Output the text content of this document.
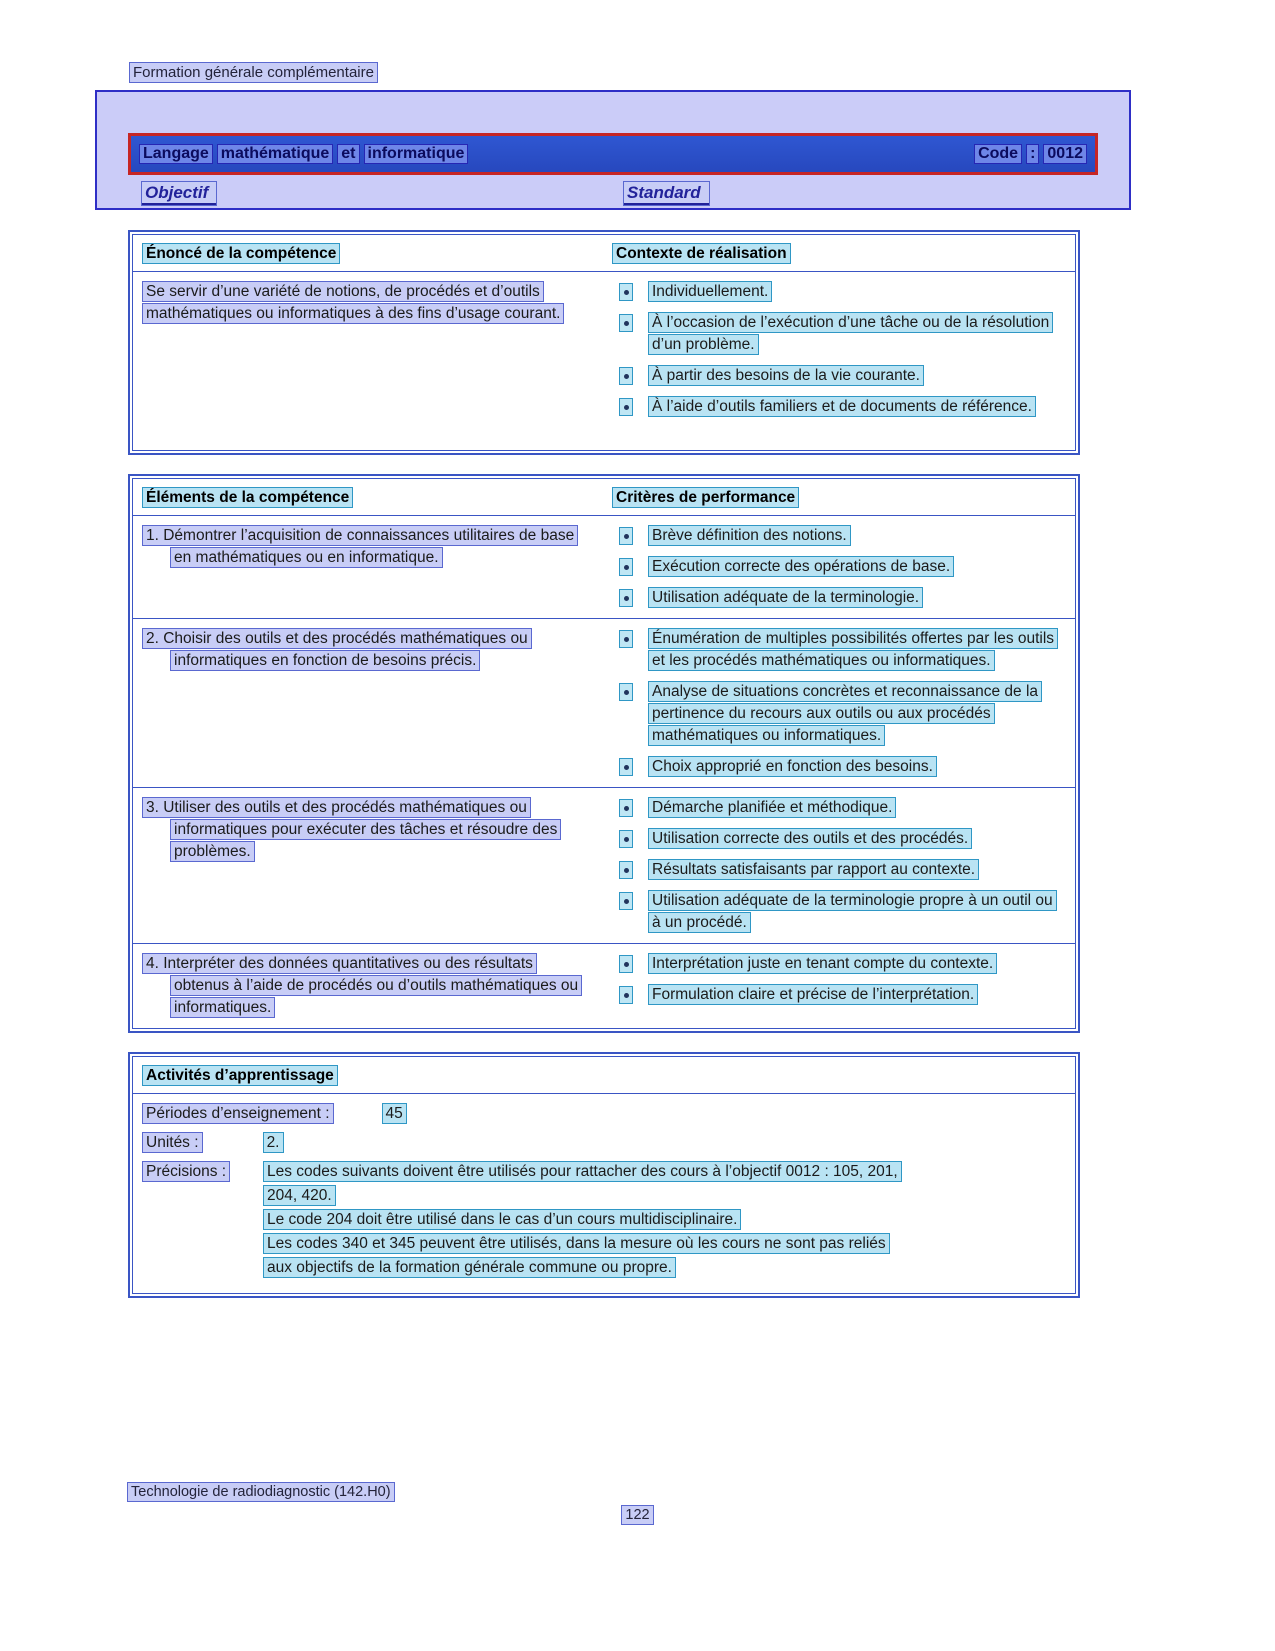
Formation générale complémentaire
Langage mathématique et informatique	Code : 0012
Objectif	Standard
Énoncé de la compétence	Contexte de réalisation
Se servir d’une variété de notions, de procédés et d’outils mathématiques ou informatiques à des fins d’usage courant.
Individuellement.
À l’occasion de l’exécution d’une tâche ou de la résolution d’un problème.
À partir des besoins de la vie courante.
À l’aide d’outils familiers et de documents de référence.
Éléments de la compétence	Critères de performance
1. Démontrer l’acquisition de connaissances utilitaires de base en mathématiques ou en informatique.
Brève définition des notions.
Exécution correcte des opérations de base.
Utilisation adéquate de la terminologie.
2. Choisir des outils et des procédés mathématiques ou informatiques en fonction de besoins précis.
Énumération de multiples possibilités offertes par les outils et les procédés mathématiques ou informatiques.
Analyse de situations concrètes et reconnaissance de la pertinence du recours aux outils ou aux procédés mathématiques ou informatiques.
Choix approprié en fonction des besoins.
3. Utiliser des outils et des procédés mathématiques ou informatiques pour exécuter des tâches et résoudre des problèmes.
Démarche planifiée et méthodique.
Utilisation correcte des outils et des procédés.
Résultats satisfaisants par rapport au contexte.
Utilisation adéquate de la terminologie propre à un outil ou à un procédé.
4. Interpréter des données quantitatives ou des résultats obtenus à l’aide de procédés ou d’outils mathématiques ou informatiques.
Interprétation juste en tenant compte du contexte.
Formulation claire et précise de l’interprétation.
Activités d’apprentissage
Périodes d’enseignement :	45
Unités :	2.
Précisions :	Les codes suivants doivent être utilisés pour rattacher des cours à l’objectif 0012 : 105, 201,
204, 420.
Le code 204 doit être utilisé dans le cas d’un cours multidisciplinaire.
Les codes 340 et 345 peuvent être utilisés, dans la mesure où les cours ne sont pas reliés
aux objectifs de la formation générale commune ou propre.
Technologie de radiodiagnostic (142.H0)
122
